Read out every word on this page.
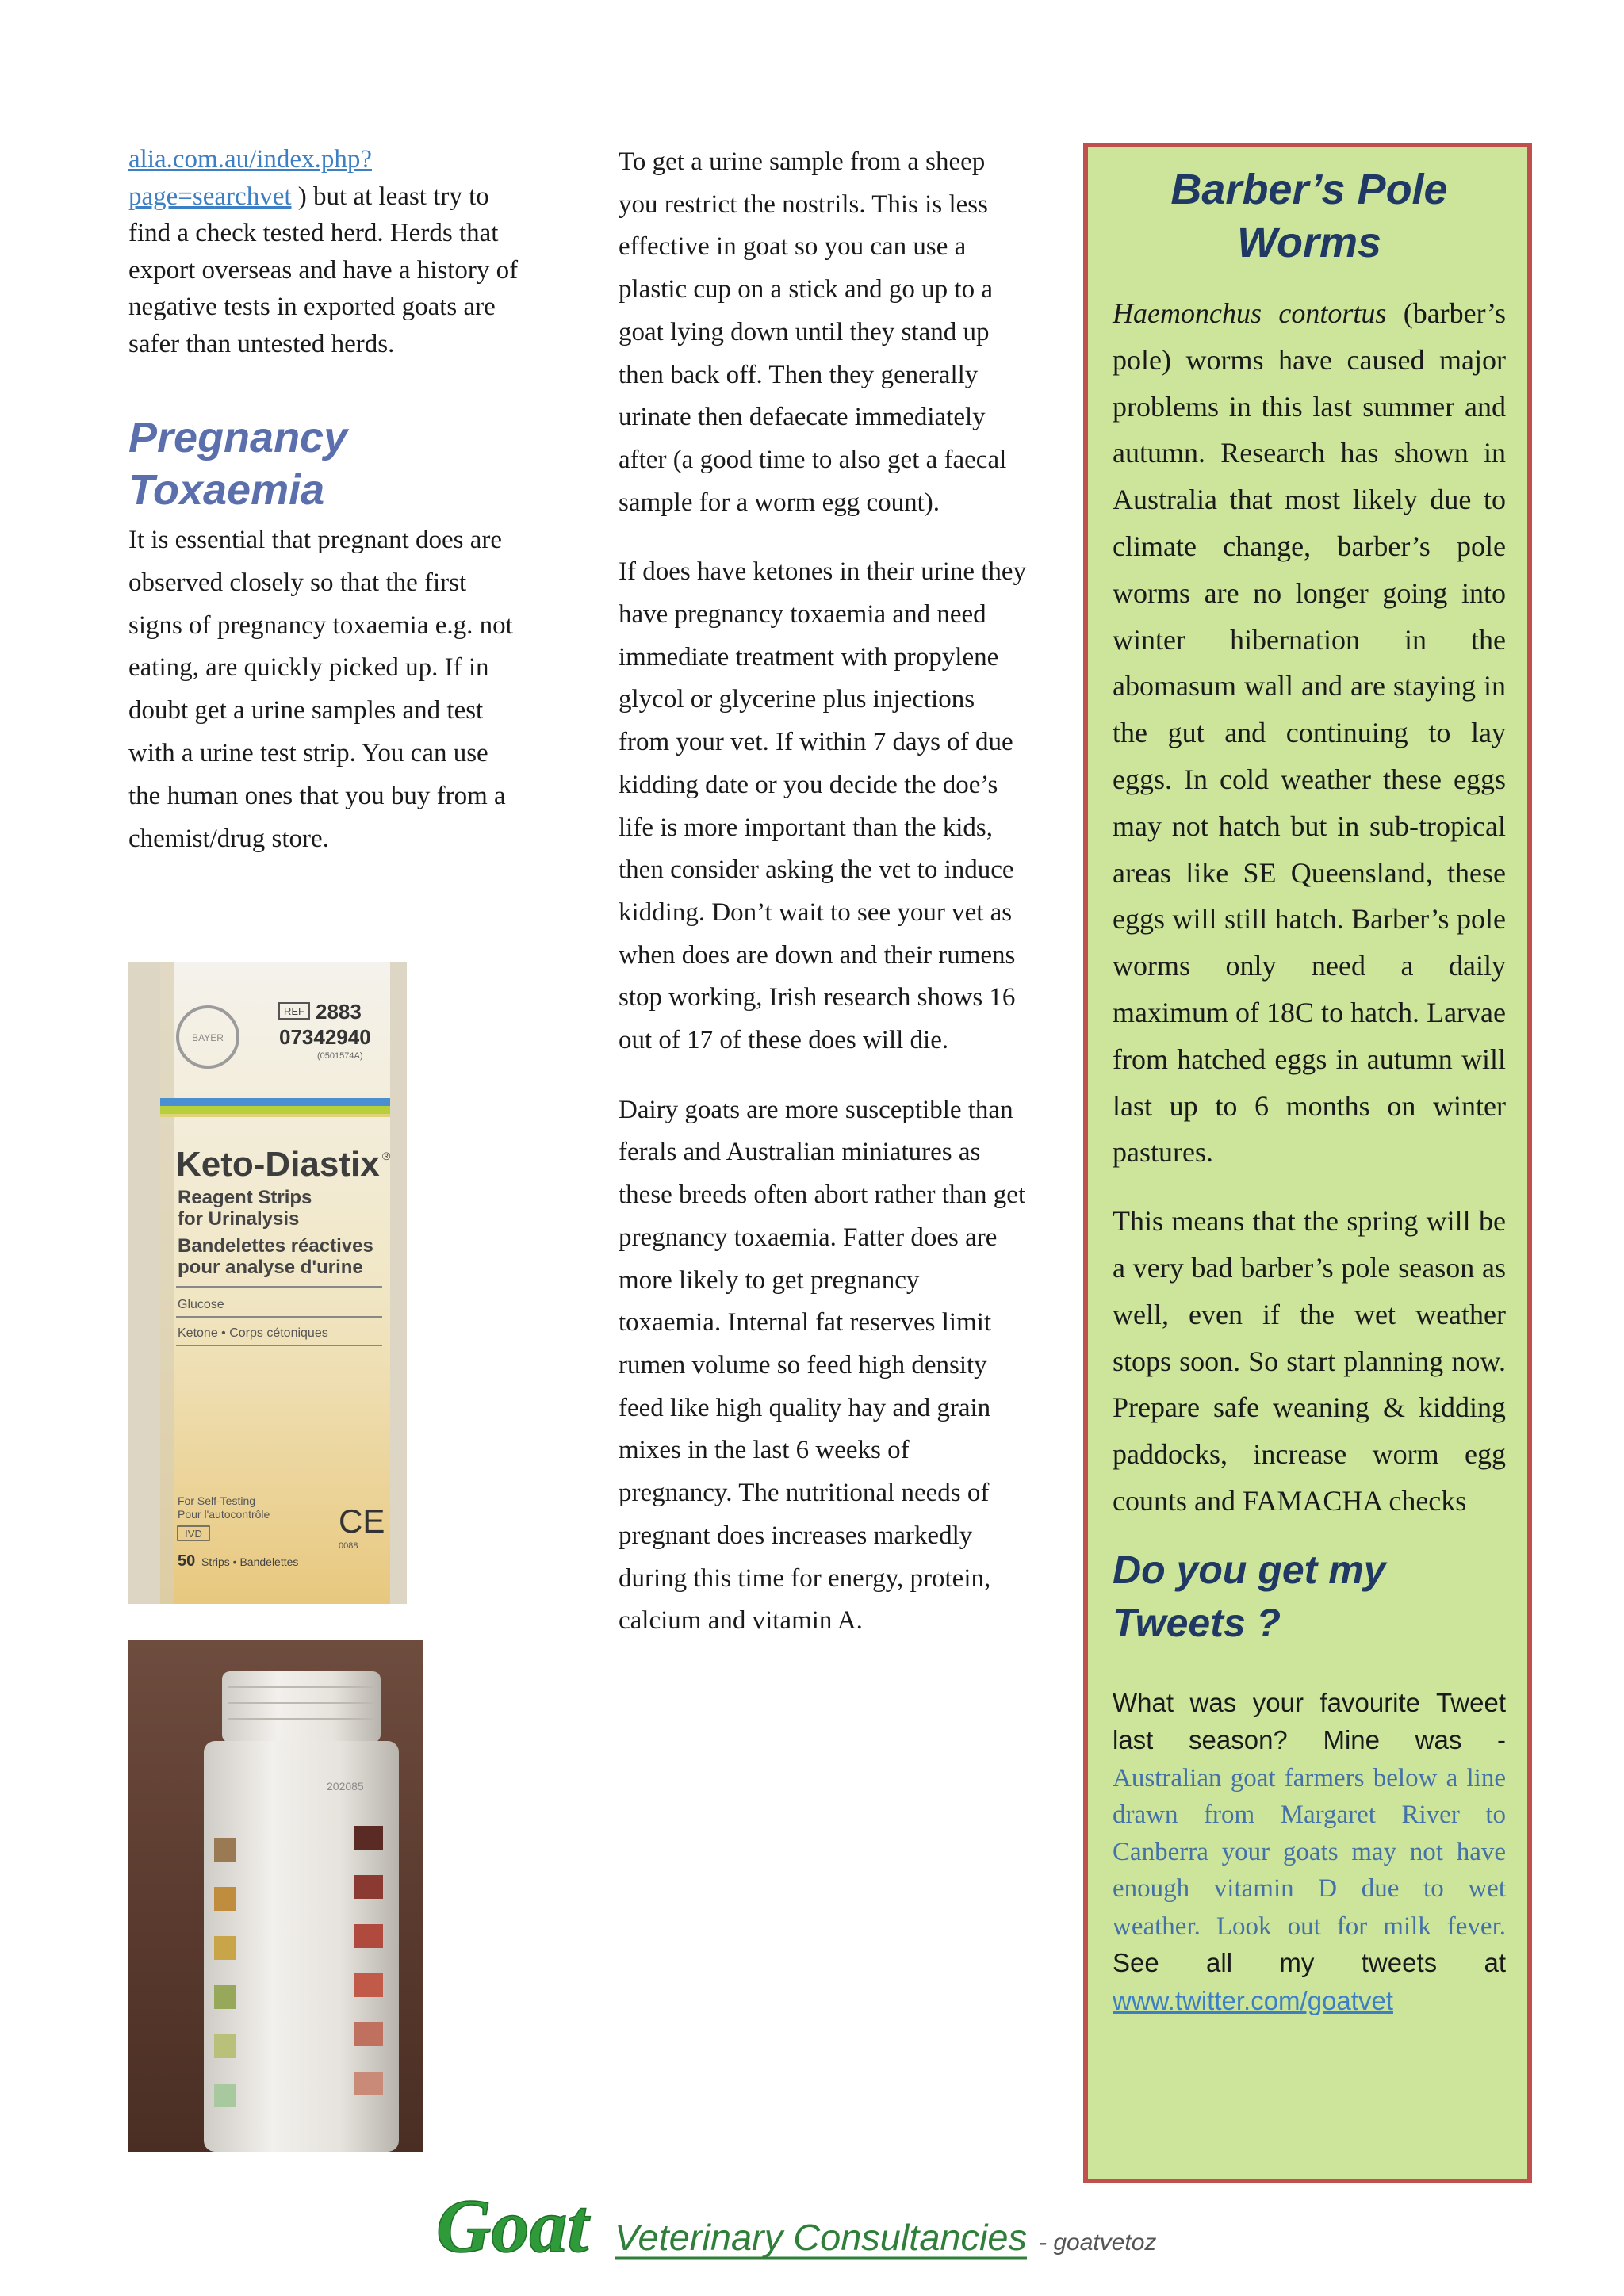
alia.com.au/index.php?page=searchvet ) but at least try to find a check tested herd. Herds that export overseas and have a history of negative tests in exported goats are safer than untested herds.

Pregnancy
Toxaemia

It is essential that pregnant does are observed closely so that the first signs of pregnancy toxaemia e.g. not eating, are quickly picked up. If in doubt get a urine samples and test with a urine test strip. You can use the human ones that you buy from a chemist/drug store.

BAYER
REF 2883
07342940
(0501574A)
Keto-Diastix ®
Reagent Strips
for Urinalysis
Bandelettes réactives
pour analyse d'urine
Glucose
Ketone • Corps cétoniques
For Self-Testing
Pour l'autocontrôle
IVD	CE
0088
50 Strips • Bandelettes
202085

To get a urine sample from a sheep you restrict the nostrils. This is less effective in goat so you can use a plastic cup on a stick and go up to a goat lying down until they stand up then back off. Then they generally urinate then defaecate immediately after (a good time to also get a faecal sample for a worm egg count).

If does have ketones in their urine they have pregnancy toxaemia and need immediate treatment with propylene glycol or glycerine plus injections from your vet. If within 7 days of due kidding date or you decide the doe’s life is more important than the kids, then consider asking the vet to induce kidding. Don’t wait to see your vet as when does are down and their rumens stop working, Irish research shows 16 out of 17 of these does will die.

Dairy goats are more susceptible than ferals and Australian miniatures as these breeds often abort rather than get pregnancy toxaemia. Fatter does are more likely to get pregnancy toxaemia. Internal fat reserves limit rumen volume so feed high density feed like high quality hay and grain mixes in the last 6 weeks of pregnancy. The nutritional needs of pregnant does increases markedly during this time for energy, protein, calcium and vitamin A.

Barber’s Pole
Worms

Haemonchus contortus (barber’s pole) worms have caused major problems in this last summer and autumn. Research has shown in Australia that most likely due to climate change, barber’s pole worms are no longer going into winter hibernation in the abomasum wall and are staying in the gut and continuing to lay eggs. In cold weather these eggs may not hatch but in sub-tropical areas like SE Queensland, these eggs will still hatch. Barber’s pole worms only need a daily maximum of 18C to hatch. Larvae from hatched eggs in autumn will last up to 6 months on winter pastures.

This means that the spring will be a very bad barber’s pole season as well, even if the wet weather stops soon. So start planning now. Prepare safe weaning & kidding paddocks, increase worm egg counts and FAMACHA checks

Do you get my
Tweets ?

What was your favourite Tweet last season? Mine was - Australian goat farmers below a line drawn from Margaret River to Canberra your goats may not have enough vitamin D due to wet weather. Look out for milk fever. See all my tweets at www.twitter.com/goatvet

Goat Veterinary Consultancies - goatvetoz
